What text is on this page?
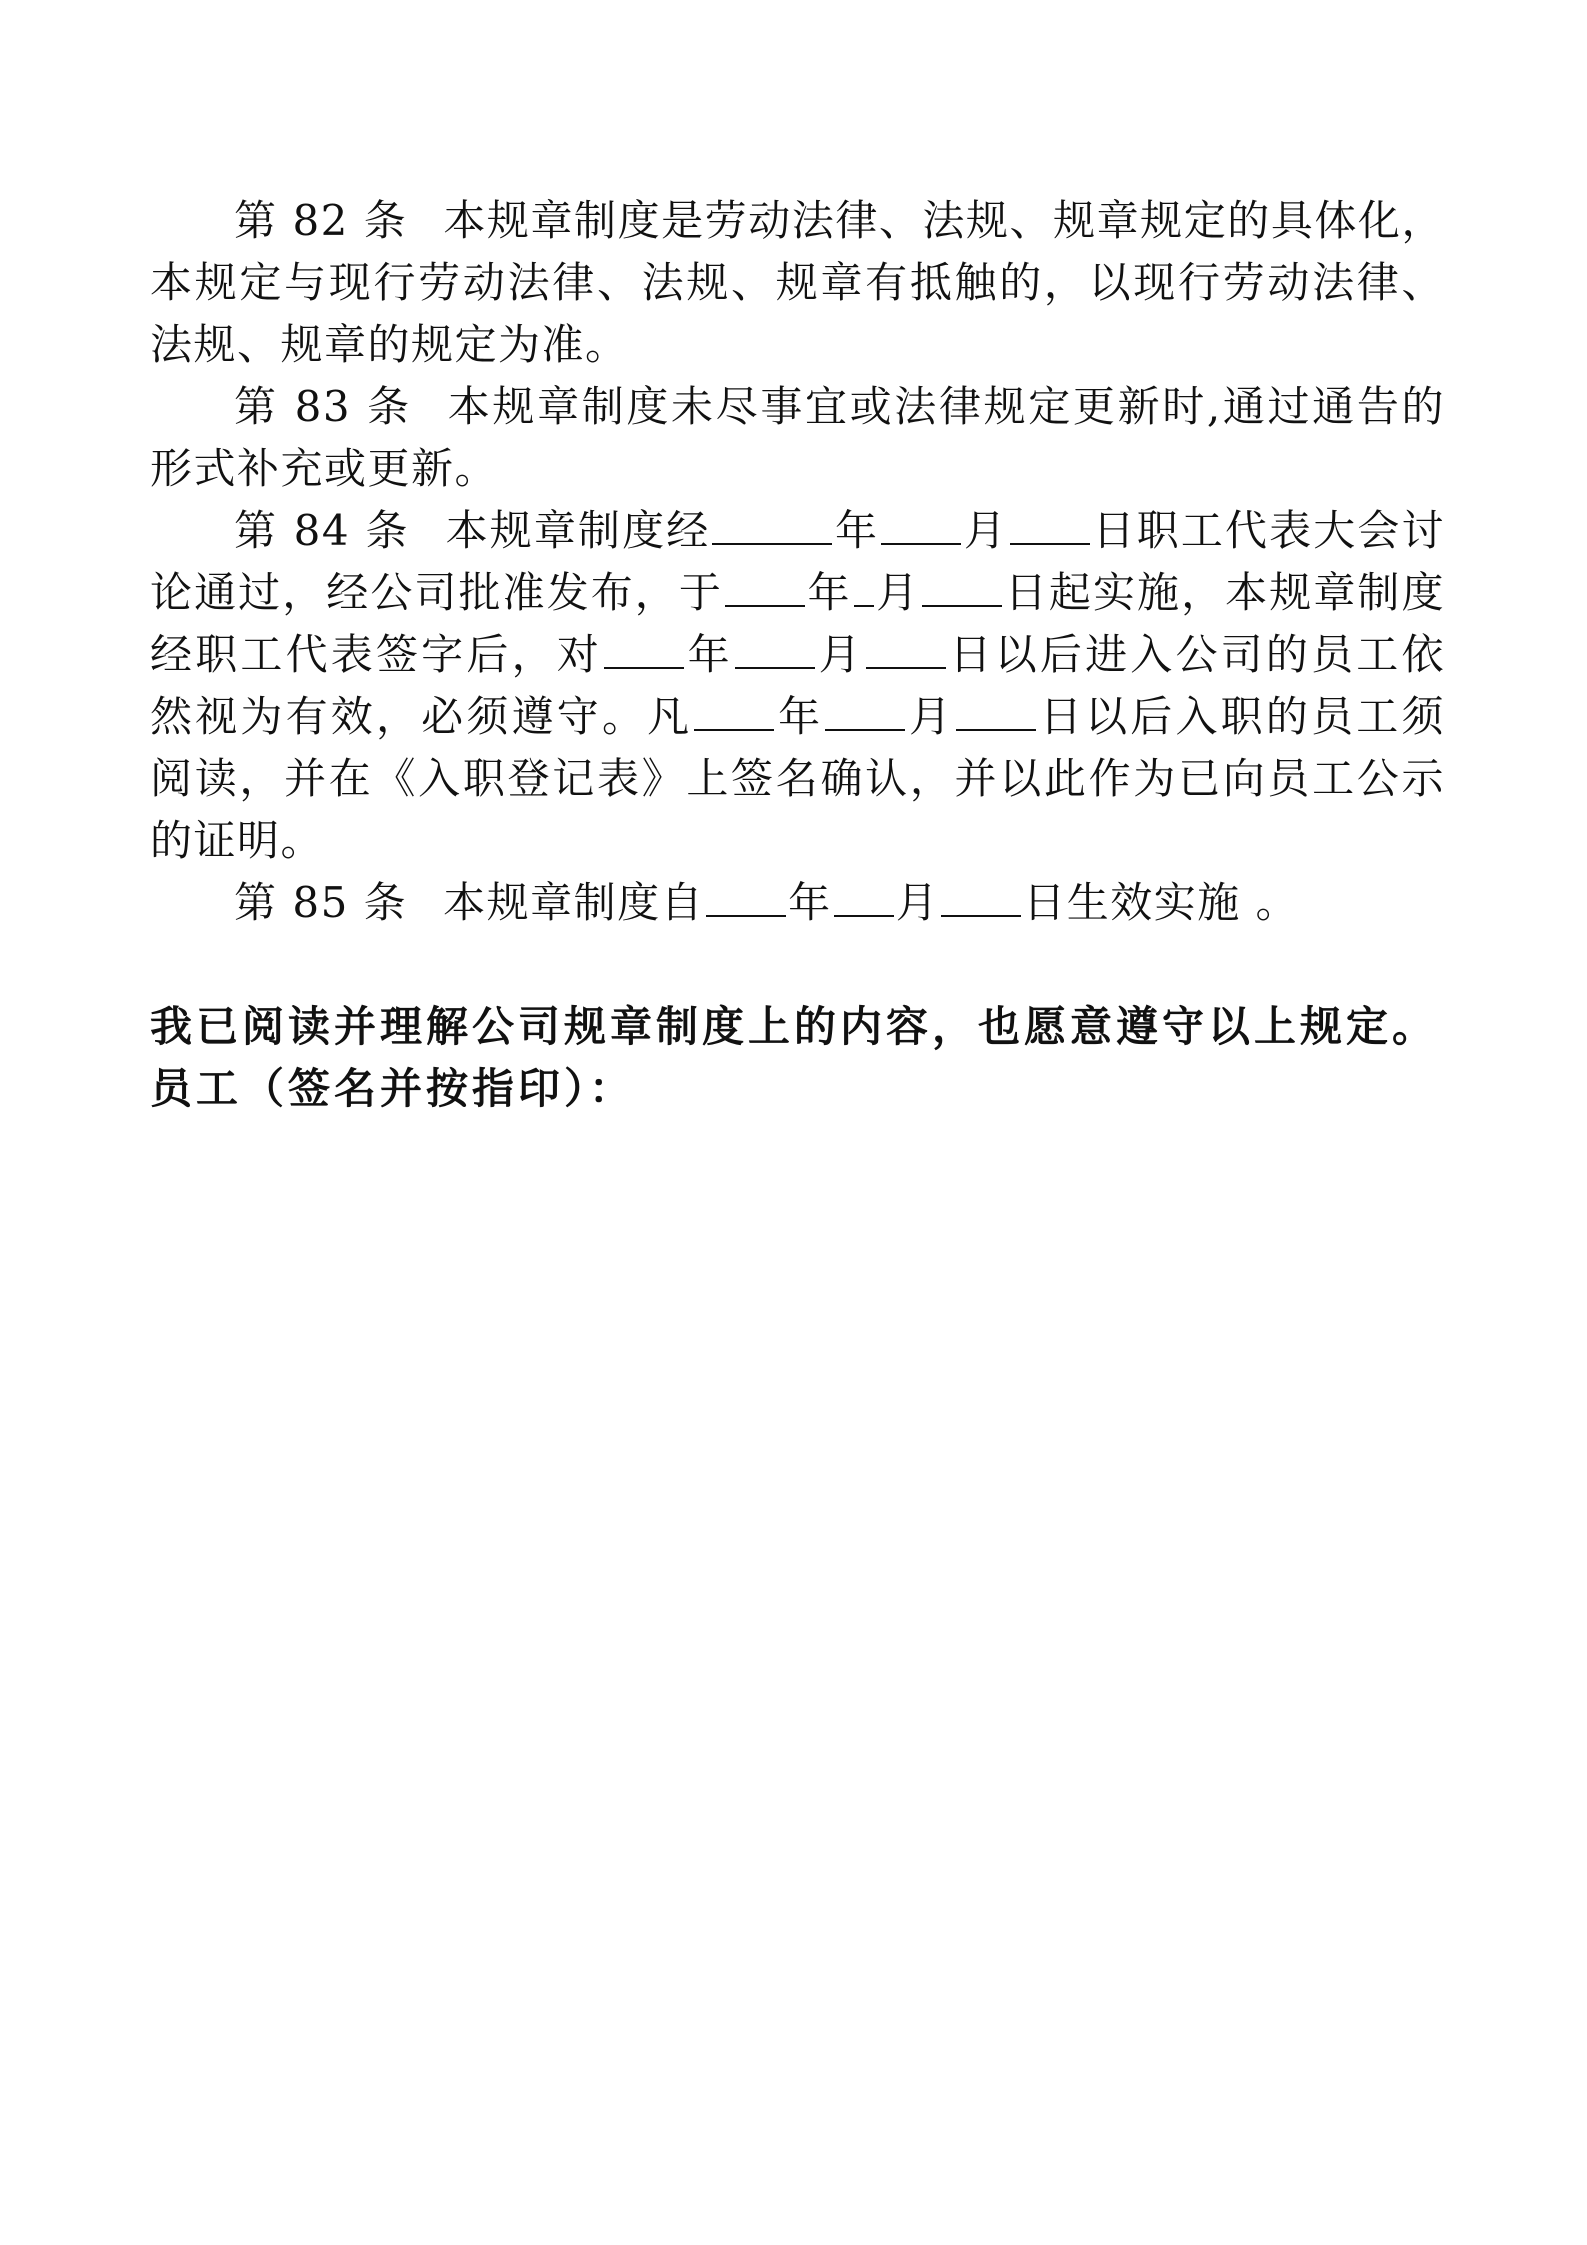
第 82 条 本规章制度是劳动法律、法规、规章规定的具体化，本规定与现行劳动法律、法规、规章有抵触的，以现行劳动法律、法规、规章的规定为准。

第 83 条 本规章制度未尽事宜或法律规定更新时,通过通告的形式补充或更新。

第 84 条 本规章制度经	年 月 日职工代表大会讨论通过，经公司批准发布，于 年 月 日起实施，本规章制度经职工代表签字后，对 年 月 日以后进入公司的员工依然视为有效，必须遵守。凡 年 月 日以后入职的员工须阅读，并在《入职登记表》上签名确认，并以此作为已向员工公示的证明。

第 85 条 本规章制度自 年 月 日生效实施 。

我已阅读并理解公司规章制度上的内容，也愿意遵守以上规定。

员工（签名并按指印）：
